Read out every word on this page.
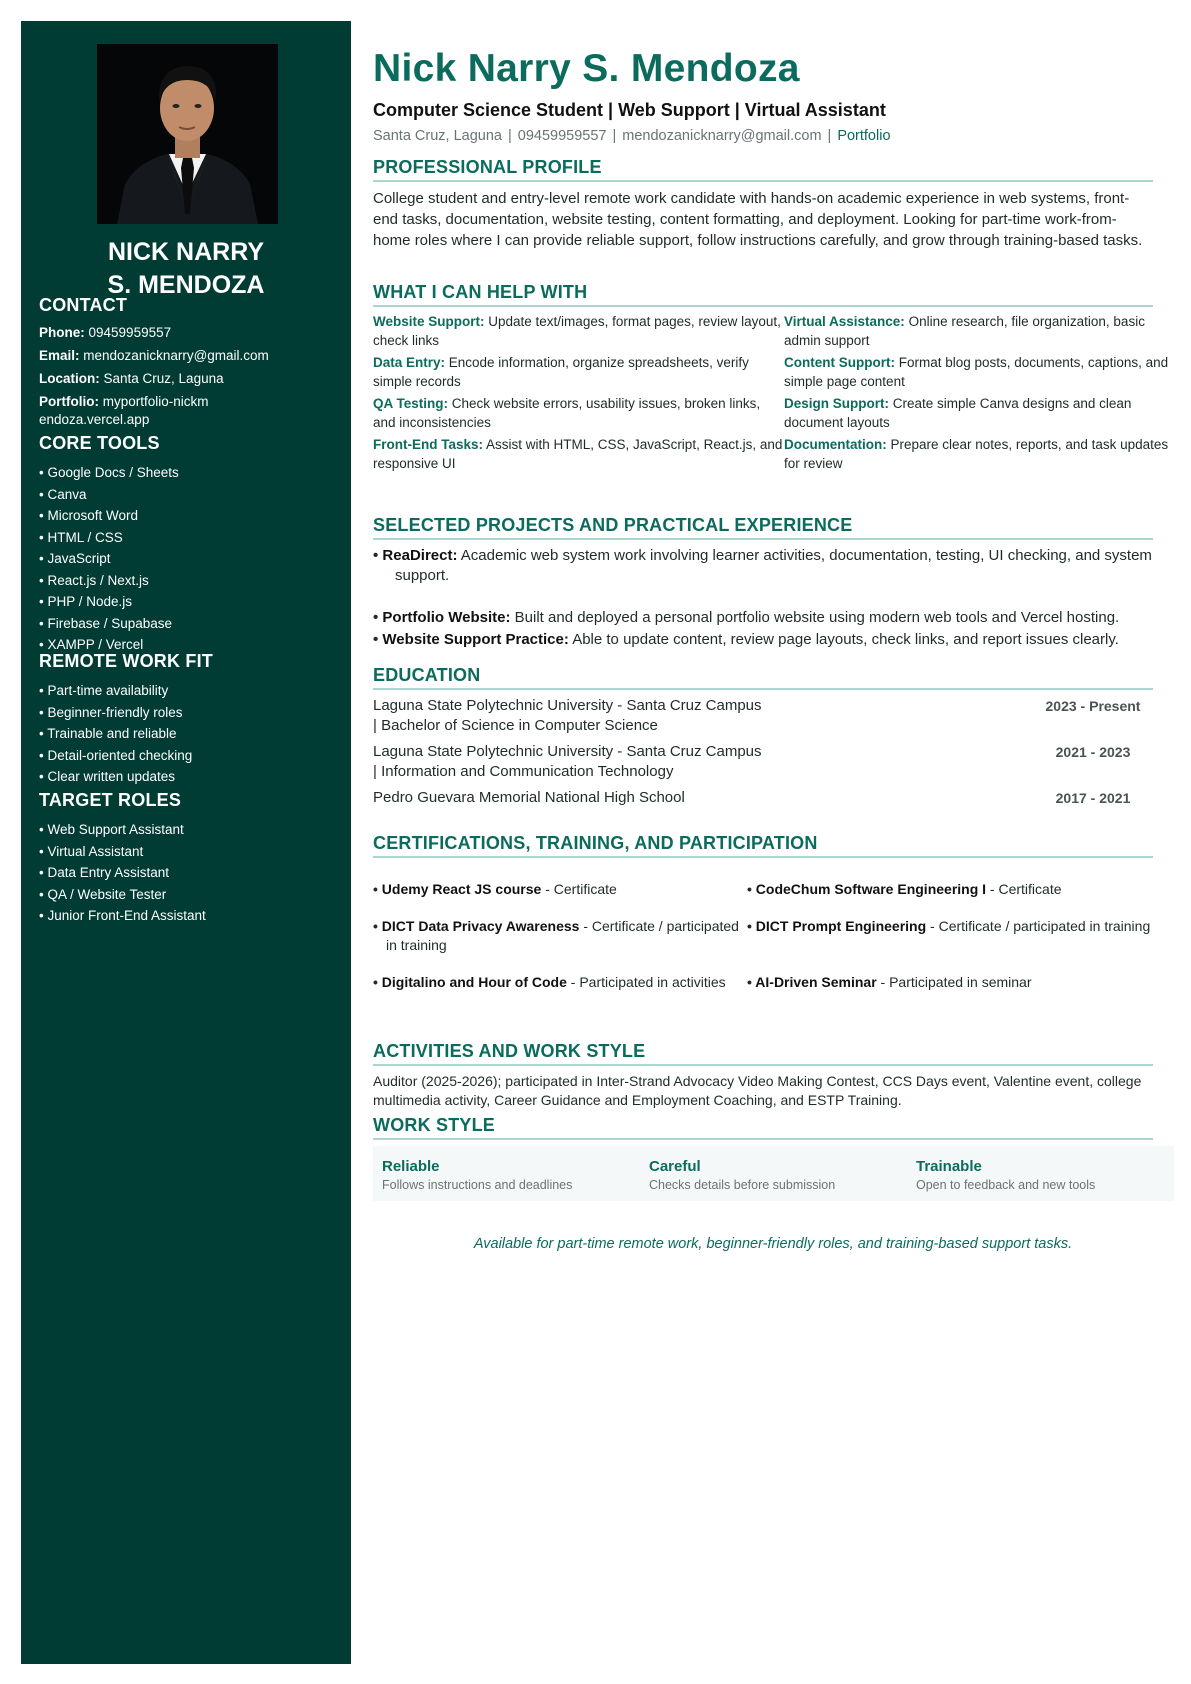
NICK NARRY
S. MENDOZA
CONTACT
Phone: 09459959557
Email: mendozanicknarry@gmail.com
Location: Santa Cruz, Laguna
Portfolio: myportfolio-nickmendoza.vercel.app
CORE TOOLS
• Google Docs / Sheets
• Canva
• Microsoft Word
• HTML / CSS
• JavaScript
• React.js / Next.js
• PHP / Node.js
• Firebase / Supabase
• XAMPP / Vercel
REMOTE WORK FIT
• Part-time availability
• Beginner-friendly roles
• Trainable and reliable
• Detail-oriented checking
• Clear written updates
TARGET ROLES
• Web Support Assistant
• Virtual Assistant
• Data Entry Assistant
• QA / Website Tester
• Junior Front-End Assistant
Nick Narry S. Mendoza
Computer Science Student | Web Support | Virtual Assistant
Santa Cruz, Laguna | 09459959557 | mendozanicknarry@gmail.com | Portfolio
PROFESSIONAL PROFILE
College student and entry-level remote work candidate with hands-on academic experience in web systems, front-end tasks, documentation, website testing, content formatting, and deployment. Looking for part-time work-from-home roles where I can provide reliable support, follow instructions carefully, and grow through training-based tasks.
WHAT I CAN HELP WITH
Website Support: Update text/images, format pages, review layout, check links
Virtual Assistance: Online research, file organization, basic admin support
Data Entry: Encode information, organize spreadsheets, verify simple records
Content Support: Format blog posts, documents, captions, and simple page content
QA Testing: Check website errors, usability issues, broken links, and inconsistencies
Design Support: Create simple Canva designs and clean document layouts
Front-End Tasks: Assist with HTML, CSS, JavaScript, React.js, and responsive UI
Documentation: Prepare clear notes, reports, and task updates for review
SELECTED PROJECTS AND PRACTICAL EXPERIENCE
• ReaDirect: Academic web system work involving learner activities, documentation, testing, UI checking, and system support.
• Portfolio Website: Built and deployed a personal portfolio website using modern web tools and Vercel hosting.
• Website Support Practice: Able to update content, review page layouts, check links, and report issues clearly.
EDUCATION
Laguna State Polytechnic University - Santa Cruz Campus | Bachelor of Science in Computer Science
2023 - Present
Laguna State Polytechnic University - Santa Cruz Campus | Information and Communication Technology
2021 - 2023
Pedro Guevara Memorial National High School	2017 - 2021
CERTIFICATIONS, TRAINING, AND PARTICIPATION
• Udemy React JS course - Certificate	• CodeChum Software Engineering I - Certificate
• DICT Data Privacy Awareness - Certificate / participated in training
• DICT Prompt Engineering - Certificate / participated in training
• Digitalino and Hour of Code - Participated in activities	• AI-Driven Seminar - Participated in seminar
ACTIVITIES AND WORK STYLE
Auditor (2025-2026); participated in Inter-Strand Advocacy Video Making Contest, CCS Days event, Valentine event, college multimedia activity, Career Guidance and Employment Coaching, and ESTP Training.
WORK STYLE
Reliable
Follows instructions and deadlines
Careful
Checks details before submission
Trainable
Open to feedback and new tools
Available for part-time remote work, beginner-friendly roles, and training-based support tasks.
